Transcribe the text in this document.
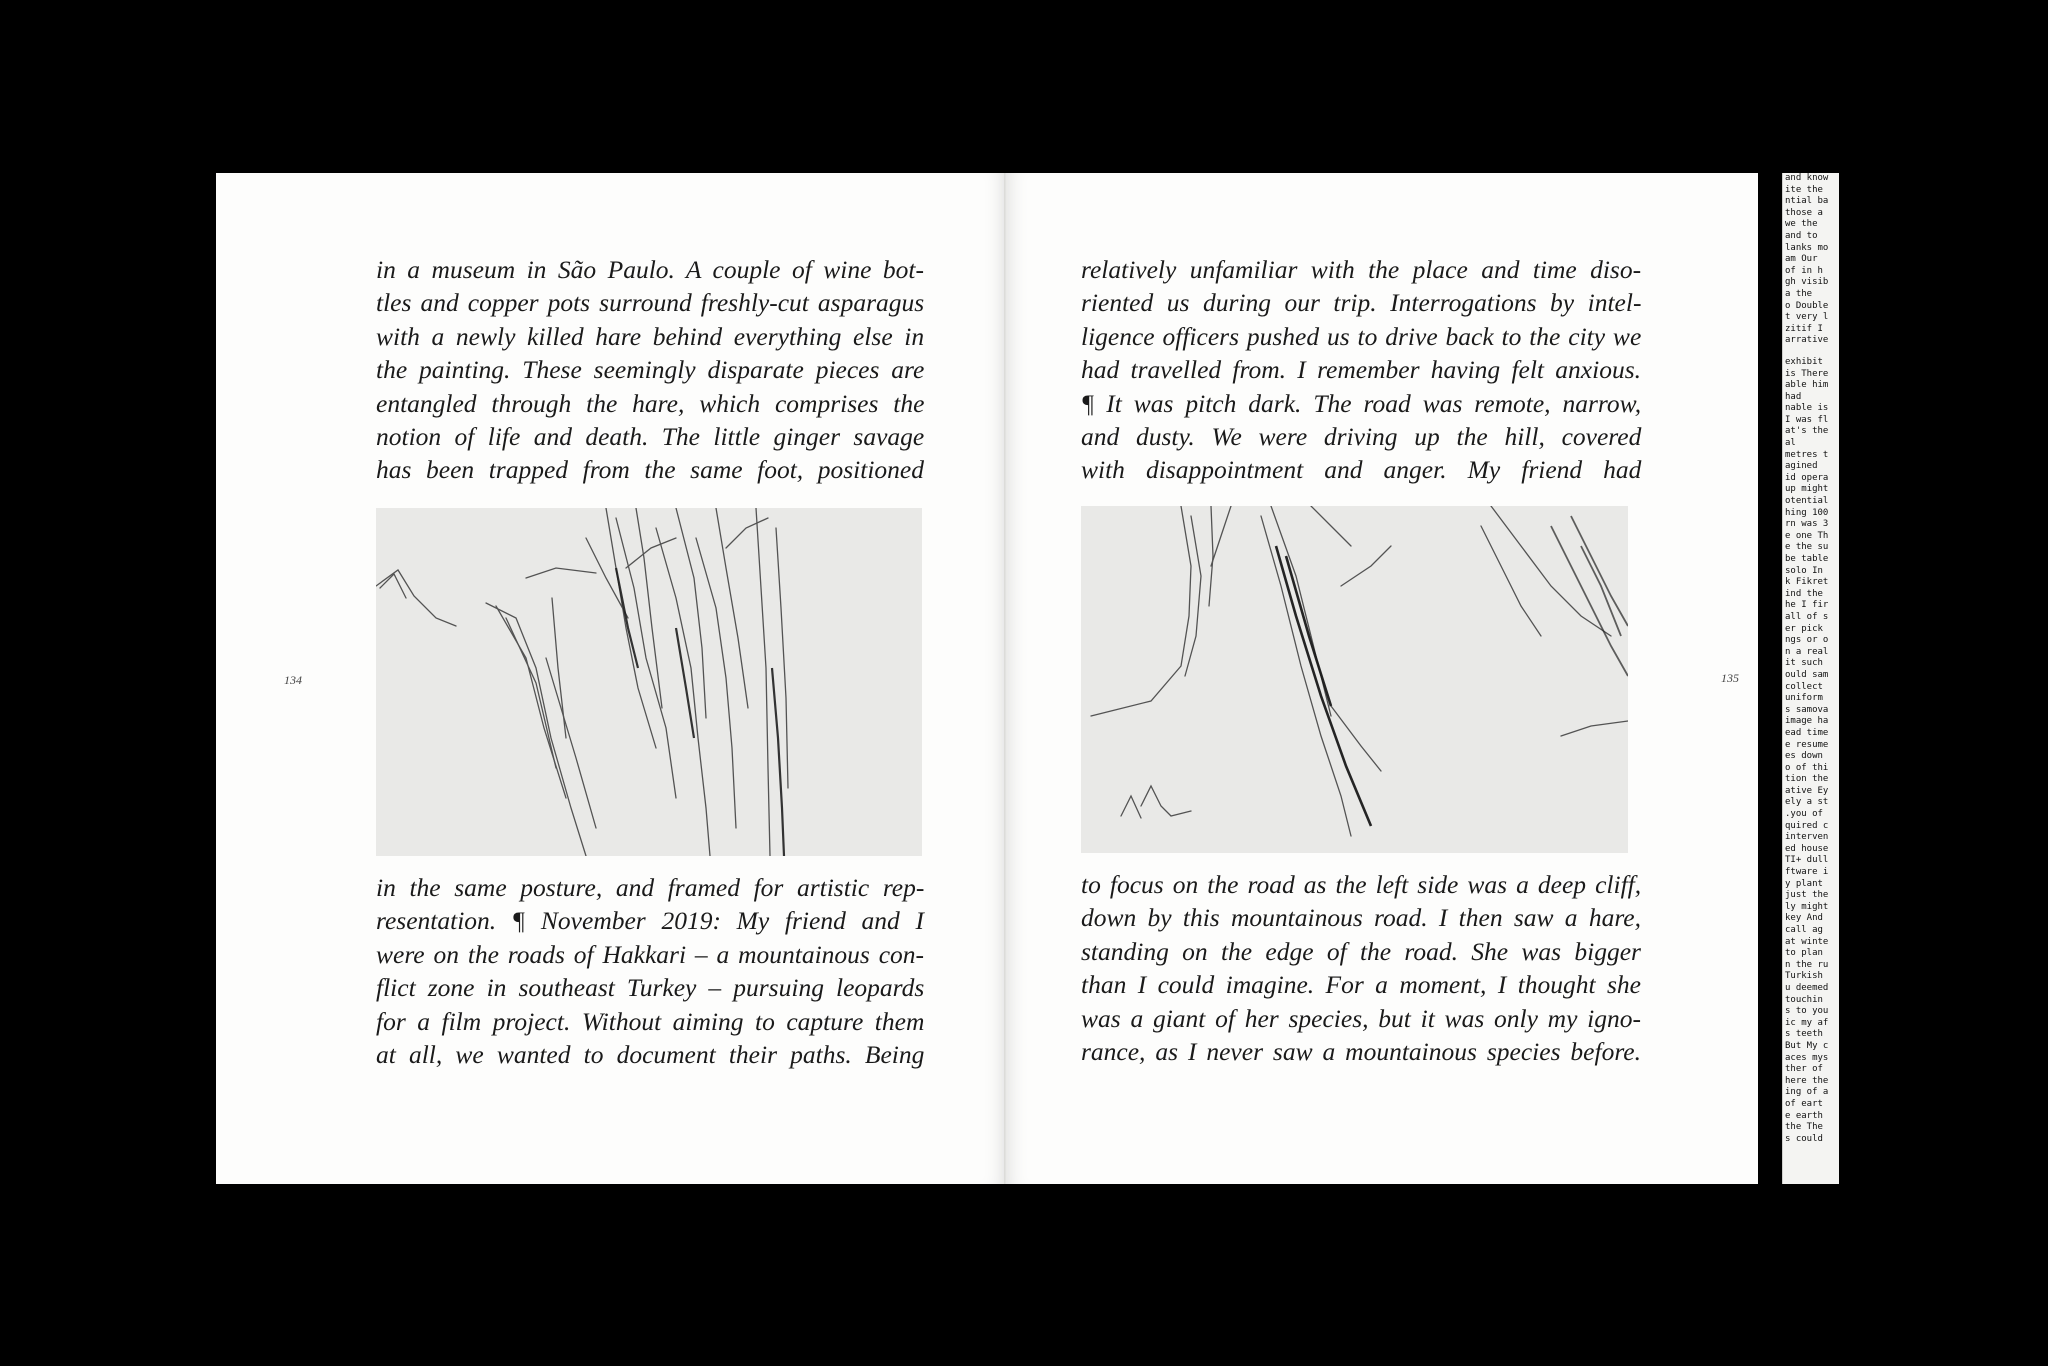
in a museum in São Paulo. A couple of wine bot-
tles and copper pots surround freshly-cut asparagus
with a newly killed hare behind everything else in
the painting. These seemingly disparate pieces are
entangled through the hare, which comprises the
notion of life and death. The little ginger savage
has been trapped from the same foot, positioned
in the same posture, and framed for artistic rep-
resentation. ¶ November 2019: My friend and I
were on the roads of Hakkari – a mountainous con-
flict zone in southeast Turkey – pursuing leopards
for a film project. Without aiming to capture them
at all, we wanted to document their paths. Being
134
relatively unfamiliar with the place and time diso-
riented us during our trip. Interrogations by intel-
ligence officers pushed us to drive back to the city we
had travelled from. I remember having felt anxious.
¶ It was pitch dark. The road was remote, narrow,
and dusty. We were driving up the hill, covered
with disappointment and anger. My friend had
to focus on the road as the left side was a deep cliff,
down by this mountainous road. I then saw a hare,
standing on the edge of the road. She was bigger
than I could imagine. For a moment, I thought she
was a giant of her species, but it was only my igno-
rance, as I never saw a mountainous species before.
135
and know
ite the
ntial ba
those a
we the
and to
lanks mo
am Our
of in h
gh visib
a the
o Double
t very l
zitif I
arrative
exhibit
is There
able him
had
nable is
I was fl
at's the
al
metres t
agined
id opera
up might
otential
hing 100
rn was 3
e one Th
e the su
be table
solo In
k Fikret
ind the
he I fir
all of s
er pick
ngs or o
n a real
it such
ould sam
collect
uniform
s samova
image ha
ead time
e resume
es down
o of thi
tion the
ative Ey
ely a st
.you of
quired c
interven
ed house
TI+ dull
ftware i
y plant
just the
ly might
key And
call ag
at winte
to plan
n the ru
Turkish
u deemed
touchin
s to you
ic my af
s teeth
But My c
aces mys
ther of
here the
ing of a
of eart
e earth
the The
s could
